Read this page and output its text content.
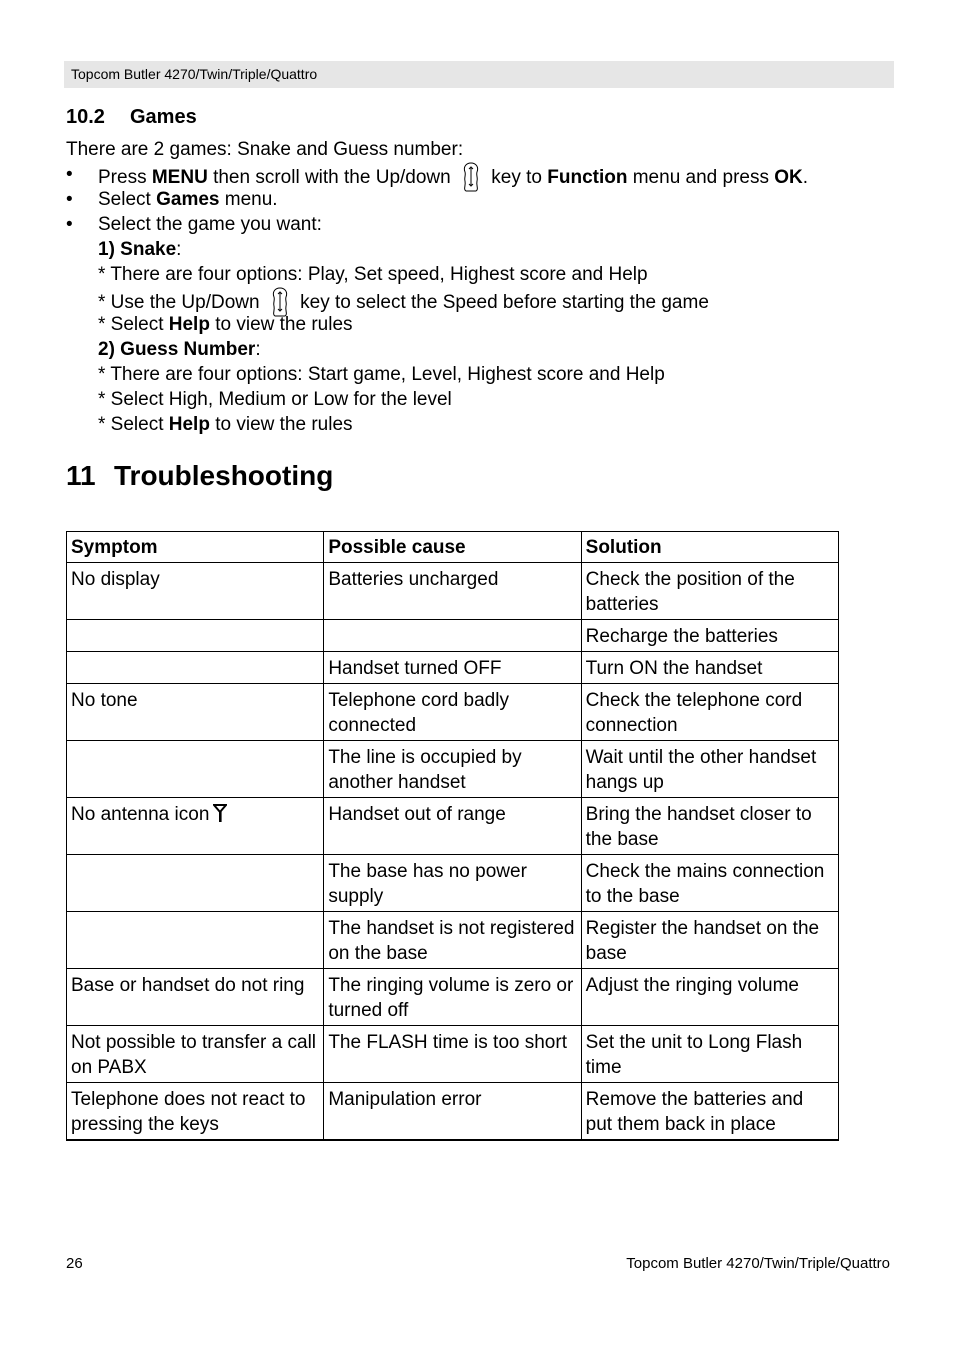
Topcom Butler 4270/Twin/Triple/Quattro
10.2 Games
There are 2 games: Snake and Guess number:
• Press MENU then scroll with the Up/down
key to Function menu and press OK.
• Select Games menu.
• Select the game you want:
1) Snake:
* There are four options: Play, Set speed, Highest score and Help
* Use the Up/Down
key to select the Speed before starting the game
* Select Help to view the rules
2) Guess Number:
* There are four options: Start game, Level, Highest score and Help
* Select High, Medium or Low for the level
* Select Help to view the rules
11 Troubleshooting
Symptom	Possible cause	Solution
No display	Batteries uncharged	Check the position of the batteries
		Recharge the batteries
	Handset turned OFF	Turn ON the handset
No tone	Telephone cord badly connected	Check the telephone cord connection
	The line is occupied by another handset	Wait until the other handset hangs up
No antenna icon	Handset out of range	Bring the handset closer to the base
	The base has no power supply	Check the mains connection to the base
	The handset is not registered on the base	Register the handset on the base
Base or handset do not ring	The ringing volume is zero or turned off	Adjust the ringing volume
Not possible to transfer a call on PABX	The FLASH time is too short	Set the unit to Long Flash time
Telephone does not react to pressing the keys	Manipulation error	Remove the batteries and put them back in place
26	Topcom Butler 4270/Twin/Triple/Quattro
